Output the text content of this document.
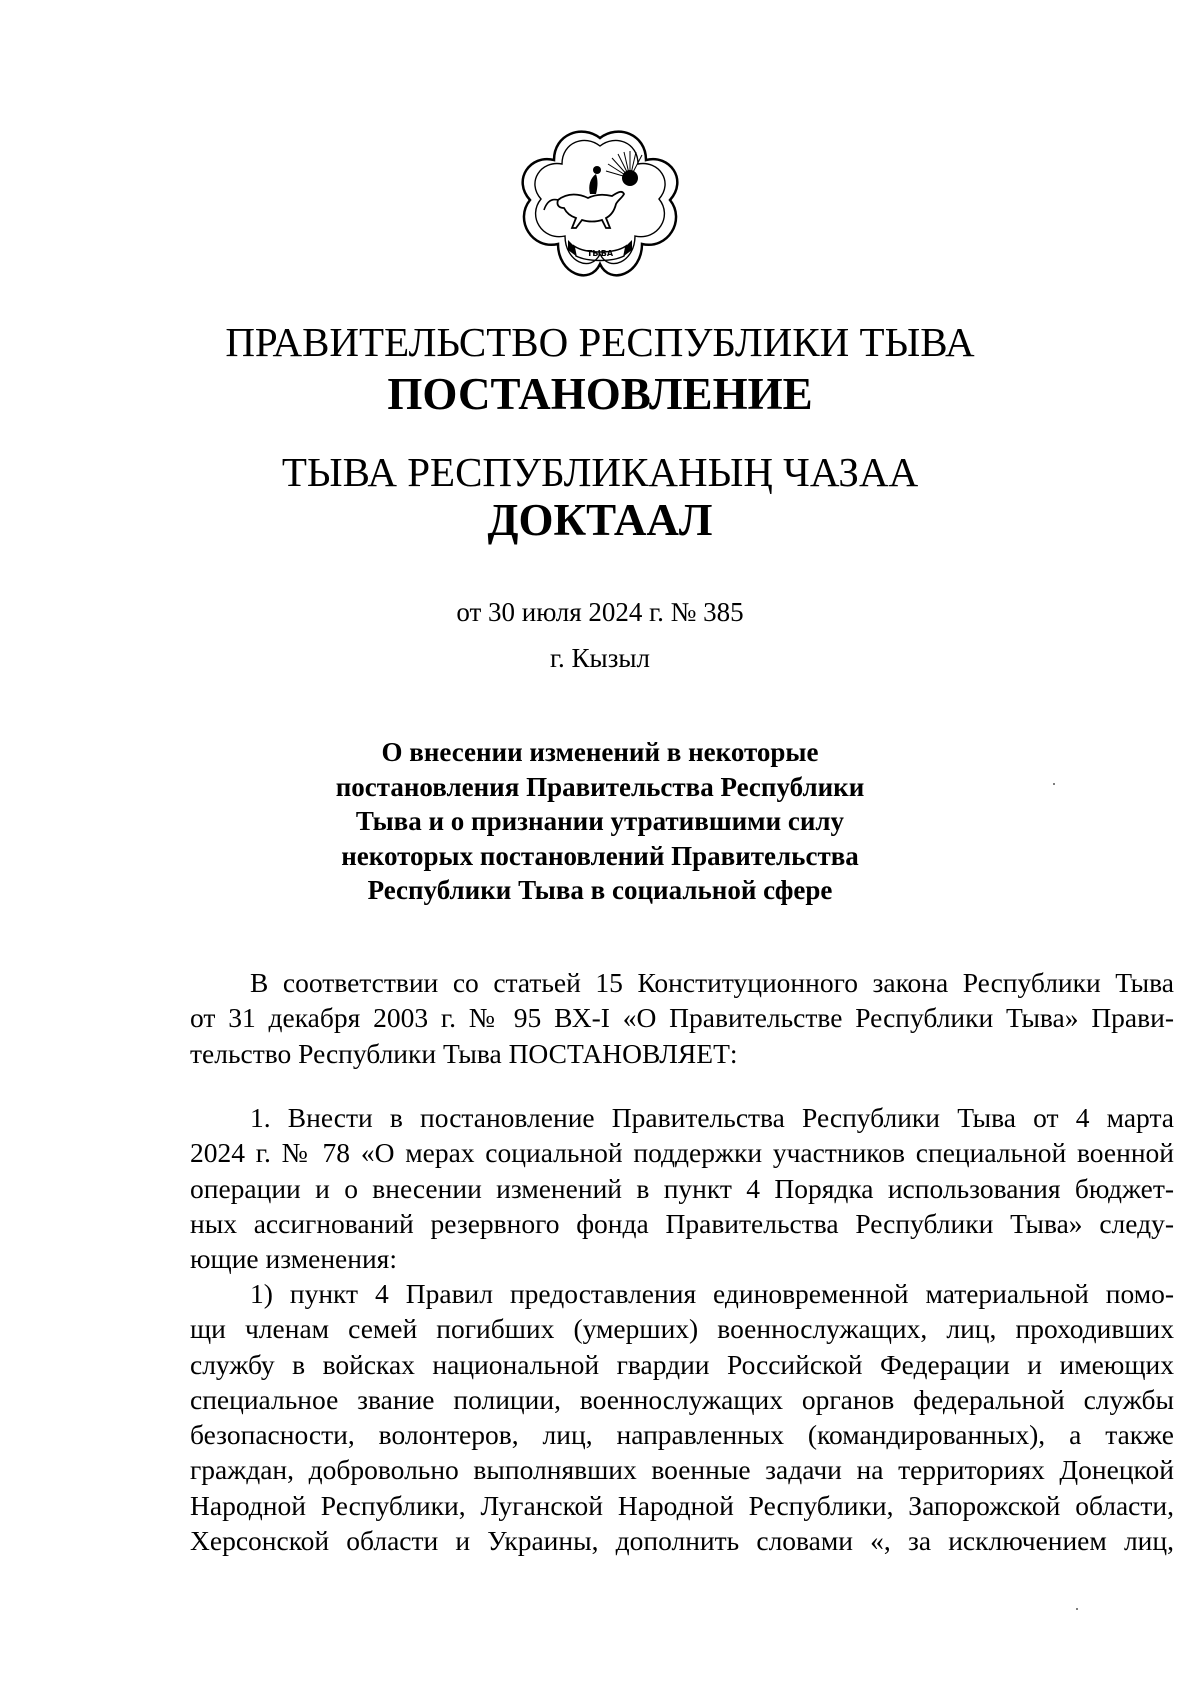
ТЫВА
ПРАВИТЕЛЬСТВО РЕСПУБЛИКИ ТЫВА
ПОСТАНОВЛЕНИЕ
ТЫВА РЕСПУБЛИКАНЫҢ ЧАЗАА
ДОКТААЛ
от 30 июля 2024 г. № 385
г. Кызыл
О внесении изменений в некоторые
постановления Правительства Республики
Тыва и о признании утратившими силу
некоторых постановлений Правительства
Республики Тыва в социальной сфере

В соответствии со статьей 15 Конституционного закона Республики Тыва
от 31 декабря 2003 г. № 95 ВХ-I «О Правительстве Республики Тыва» Прави-
тельство Республики Тыва ПОСТАНОВЛЯЕТ:

1. Внести в постановление Правительства Республики Тыва от 4 марта
2024 г. № 78 «О мерах социальной поддержки участников специальной военной
операции и о внесении изменений в пункт 4 Порядка использования бюджет-
ных ассигнований резервного фонда Правительства Республики Тыва» следу-
ющие изменения:

1) пункт 4 Правил предоставления единовременной материальной помо-
щи членам семей погибших (умерших) военнослужащих, лиц, проходивших
службу в войсках национальной гвардии Российской Федерации и имеющих
специальное звание полиции, военнослужащих органов федеральной службы
безопасности, волонтеров, лиц, направленных (командированных), а также
граждан, добровольно выполнявших военные задачи на территориях Донецкой
Народной Республики, Луганской Народной Республики, Запорожской области,
Херсонской области и Украины, дополнить словами «, за исключением лиц,
